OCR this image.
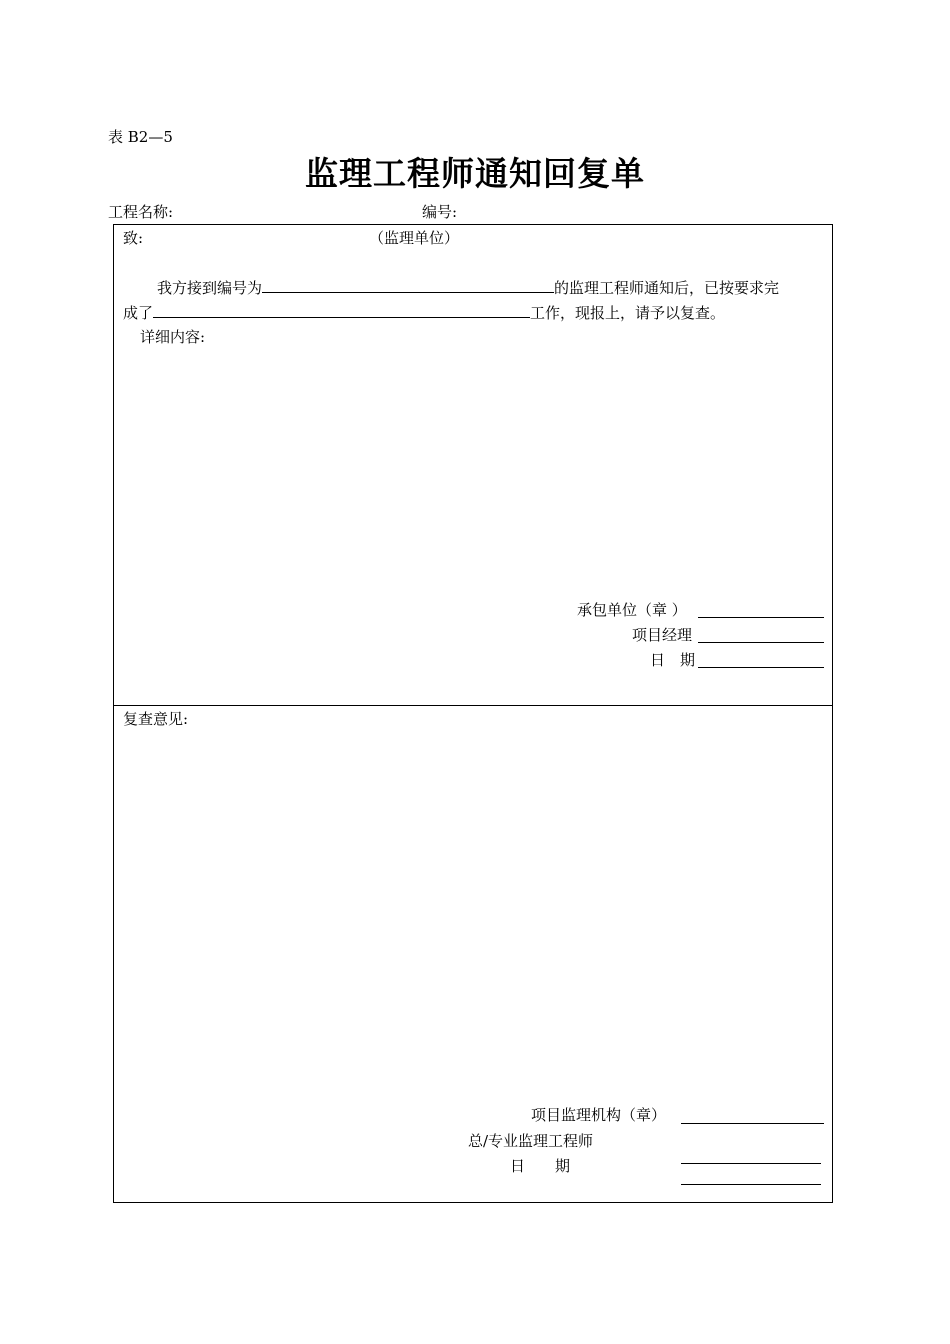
表 B2—5
监理工程师通知回复单
工程名称:	编号:
致:	（监理单位）
我方接到编号为	的监理工程师通知后，已按要求完
成了	工作，现报上，请予以复查。
详细内容:
承包单位（章 ）
项目经理
日　期
复查意见:
项目监理机构（章）
总/专业监理工程师
日　　期
